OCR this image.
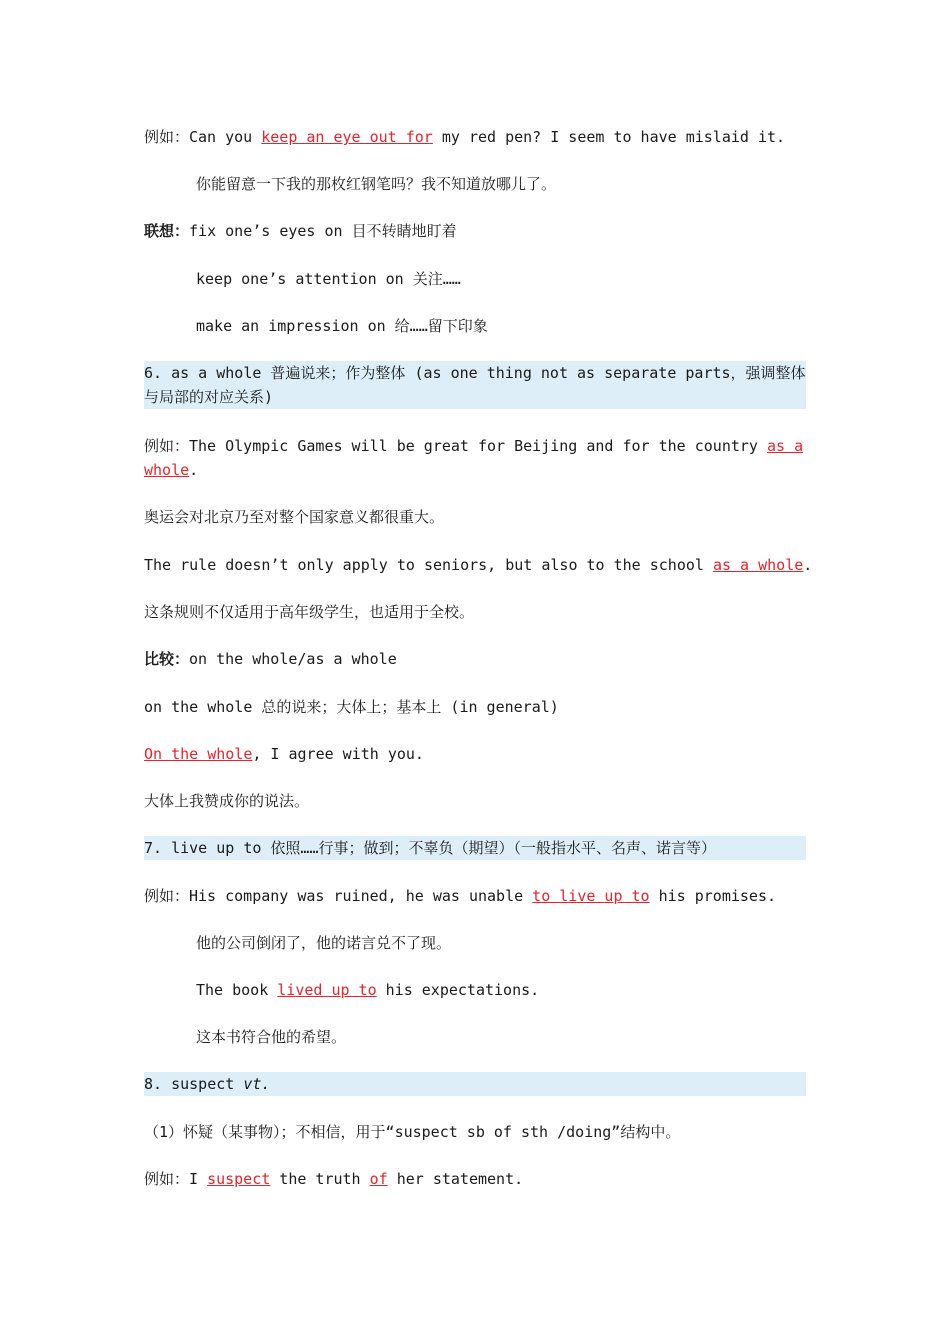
例如：Can you keep an eye out for my red pen? I seem to have mislaid it.
你能留意一下我的那枚红钢笔吗？我不知道放哪儿了。
联想：fix one’s eyes on 目不转睛地盯着
keep one’s attention on 关注……
make an impression on 给……留下印象
6. as a whole 普遍说来；作为整体 (as one thing not as separate parts，强调整体与局部的对应关系)
例如：The Olympic Games will be great for Beijing and for the country as a whole.
奥运会对北京乃至对整个国家意义都很重大。
The rule doesn’t only apply to seniors, but also to the school as a whole.
这条规则不仅适用于高年级学生，也适用于全校。
比较：on the whole/as a whole
on the whole 总的说来；大体上；基本上 (in general)
On the whole, I agree with you.
大体上我赞成你的说法。
7. live up to 依照……行事；做到；不辜负（期望）（一般指水平、名声、诺言等）
例如：His company was ruined, he was unable to live up to his promises.
他的公司倒闭了，他的诺言兑不了现。
The book lived up to his expectations.
这本书符合他的希望。
8. suspect vt.
（1）怀疑（某事物）；不相信，用于“suspect sb of sth /doing”结构中。
例如：I suspect the truth of her statement.
